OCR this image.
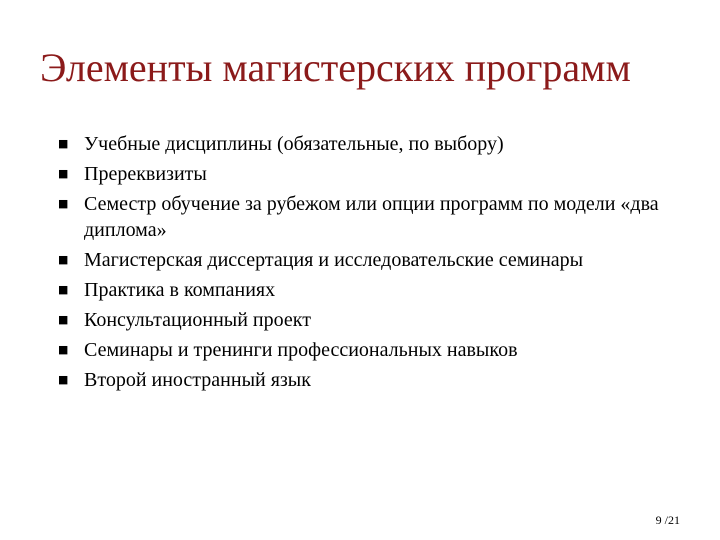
Элементы магистерских программ
■ Учебные дисциплины (обязательные, по выбору)
■ Пререквизиты
■ Семестр обучение за рубежом или опции программ по модели «два диплома»
■ Магистерская диссертация и исследовательские семинары
■ Практика в компаниях
■ Консультационный проект
■ Семинары и тренинги профессиональных навыков
■ Второй иностранный язык
9 /21
